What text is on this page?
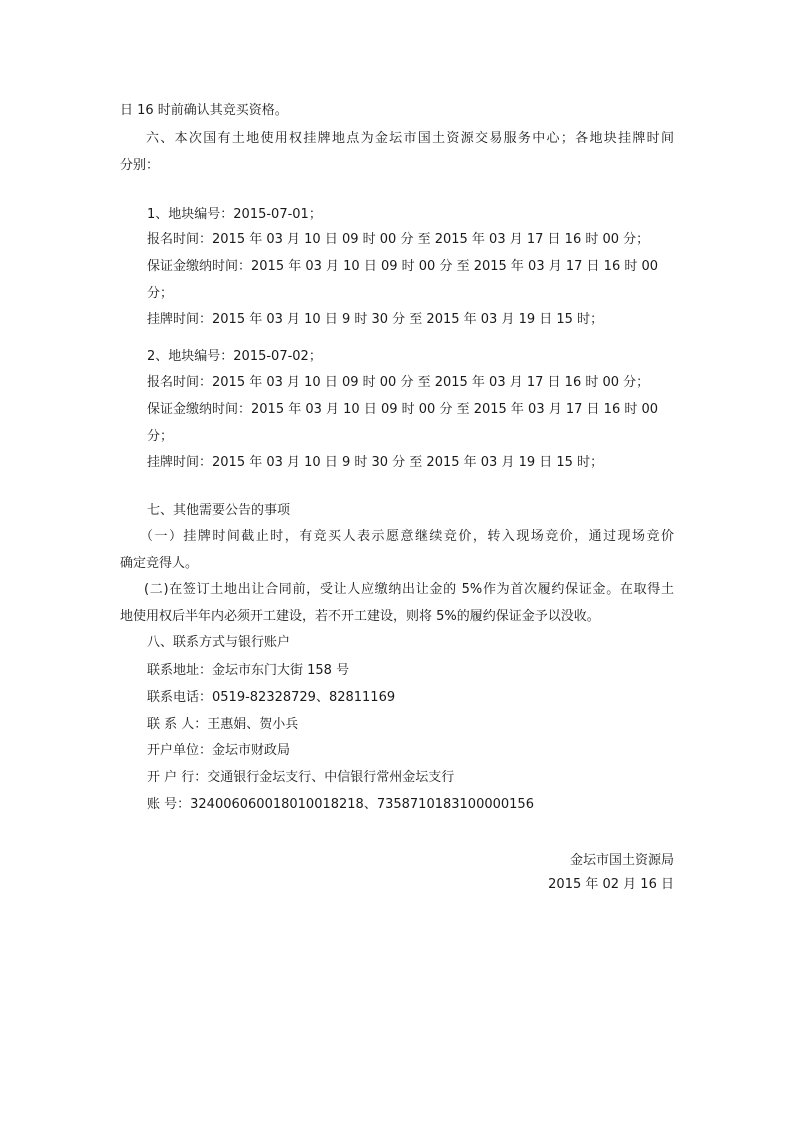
日 16 时前确认其竞买资格。
六、本次国有土地使用权挂牌地点为金坛市国土资源交易服务中心；各地块挂牌时间
分别：
1、地块编号：2015-07-01；
报名时间：2015 年 03 月 10 日 09 时 00 分 至 2015 年 03 月 17 日 16 时 00 分；
保证金缴纳时间：2015 年 03 月 10 日 09 时 00 分 至 2015 年 03 月 17 日 16 时 00
分；
挂牌时间：2015 年 03 月 10 日 9 时 30 分 至 2015 年 03 月 19 日 15 时；
2、地块编号：2015-07-02；
报名时间：2015 年 03 月 10 日 09 时 00 分 至 2015 年 03 月 17 日 16 时 00 分；
保证金缴纳时间：2015 年 03 月 10 日 09 时 00 分 至 2015 年 03 月 17 日 16 时 00
分；
挂牌时间：2015 年 03 月 10 日 9 时 30 分 至 2015 年 03 月 19 日 15 时；
七、其他需要公告的事项
（一）挂牌时间截止时，有竞买人表示愿意继续竞价，转入现场竞价，通过现场竞价
确定竞得人。
(二)在签订土地出让合同前，受让人应缴纳出让金的 5%作为首次履约保证金。在取得土
地使用权后半年内必须开工建设，若不开工建设，则将 5%的履约保证金予以没收。
八、联系方式与银行账户
联系地址：金坛市东门大街 158 号
联系电话：0519-82328729、82811169
联 系 人：王惠娟、贺小兵
开户单位：金坛市财政局
开 户 行：交通银行金坛支行、中信银行常州金坛支行
账 号：324006060018010018218、7358710183100000156
金坛市国土资源局
2015 年 02 月 16 日
